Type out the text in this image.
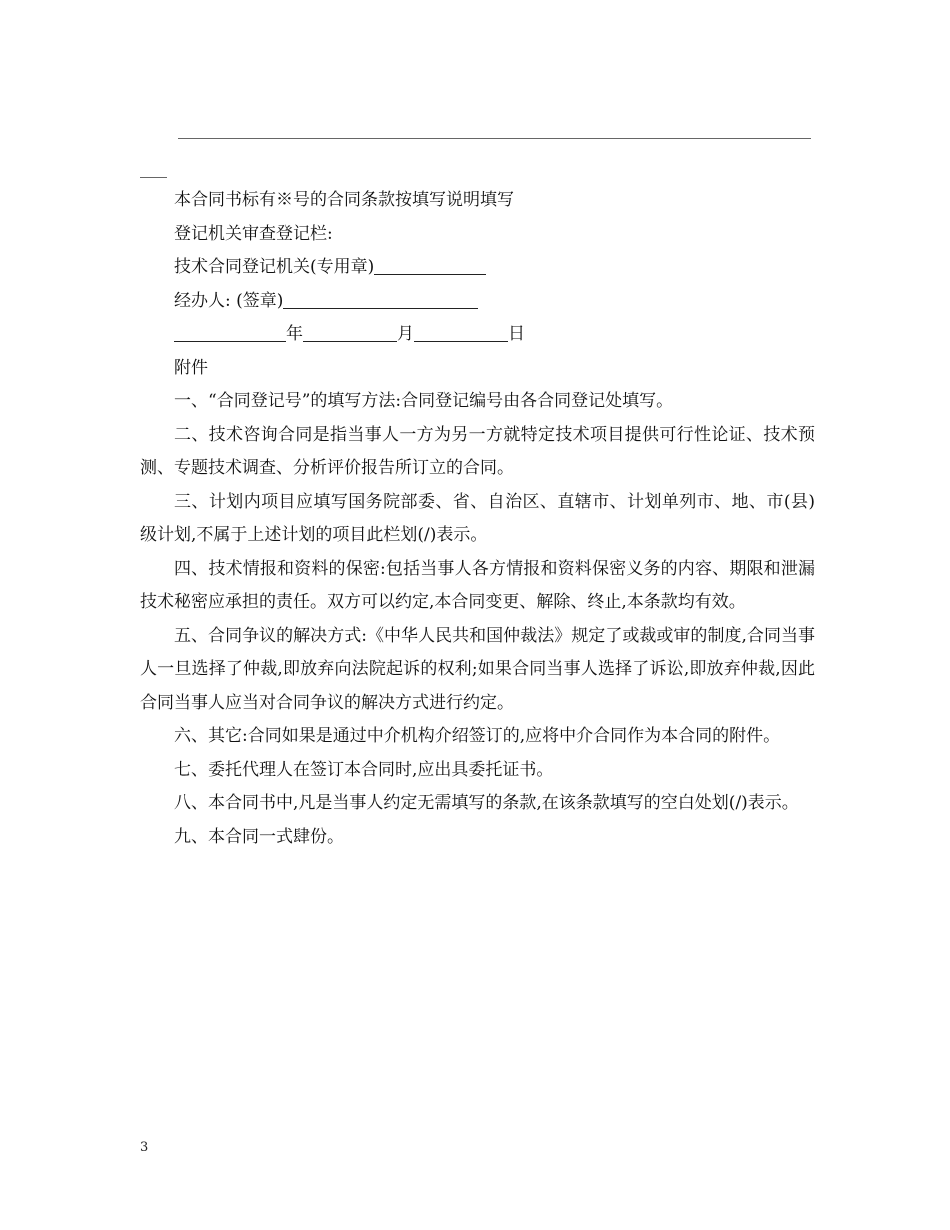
本合同书标有※号的合同条款按填写说明填写

登记机关审查登记栏:

技术合同登记机关(专用章)

经办人: (签章)

年	月	日

附件

一、“合同登记号”的填写方法:合同登记编号由各合同登记处填写。

二、技术咨询合同是指当事人一方为另一方就特定技术项目提供可行性论证、技术预测、专题技术调查、分析评价报告所订立的合同。

三、计划内项目应填写国务院部委、省、自治区、直辖市、计划单列市、地、市(县)级计划,不属于上述计划的项目此栏划(/)表示。

四、技术情报和资料的保密:包括当事人各方情报和资料保密义务的内容、期限和泄漏技术秘密应承担的责任。双方可以约定,本合同变更、解除、终止,本条款均有效。

五、合同争议的解决方式:《中华人民共和国仲裁法》规定了或裁或审的制度,合同当事人一旦选择了仲裁,即放弃向法院起诉的权利;如果合同当事人选择了诉讼,即放弃仲裁,因此合同当事人应当对合同争议的解决方式进行约定。

六、其它:合同如果是通过中介机构介绍签订的,应将中介合同作为本合同的附件。

七、委托代理人在签订本合同时,应出具委托证书。

八、本合同书中,凡是当事人约定无需填写的条款,在该条款填写的空白处划(/)表示。

九、本合同一式肆份。

3
